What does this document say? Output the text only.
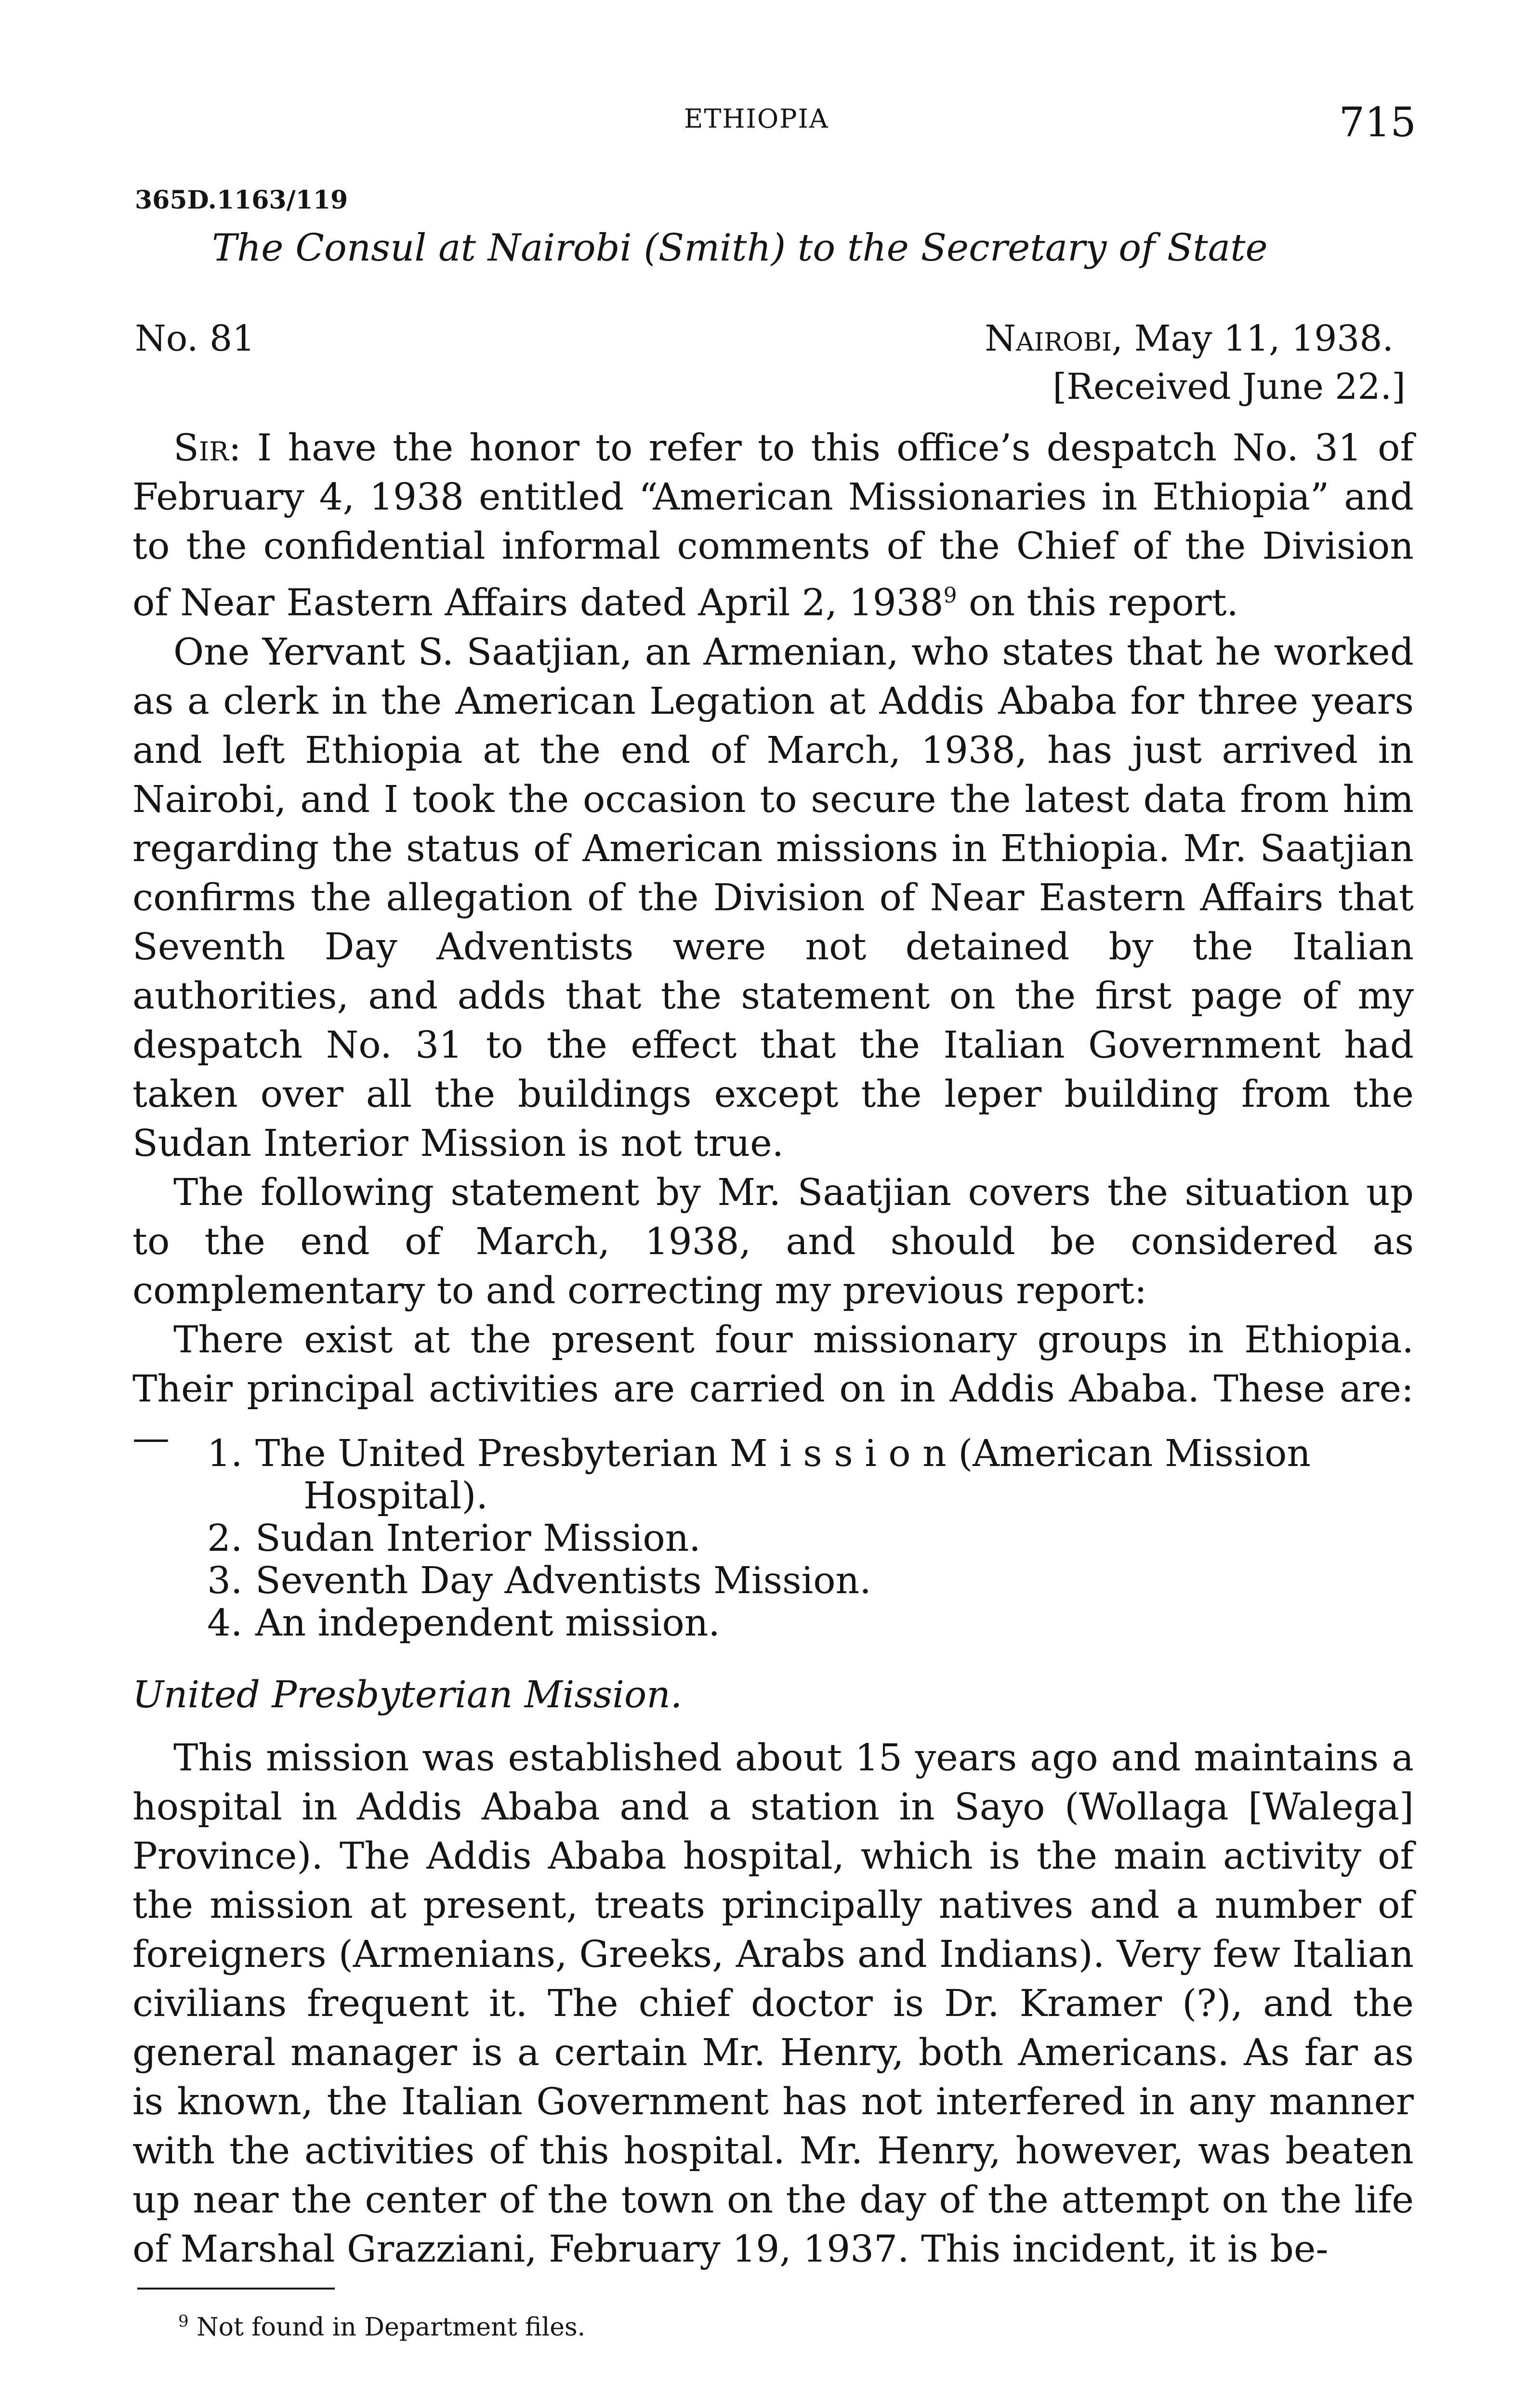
ETHIOPIA	715
365D.1163/119
The Consul at Nairobi (Smith) to the Secretary of State
No. 81	Nairobi, May 11, 1938.
[Received June 22.]

Sir: I have the honor to refer to this office’s despatch No. 31 of February 4, 1938 entitled “American Missionaries in Ethiopia” and to the confidential informal comments of the Chief of the Division of Near Eastern Affairs dated April 2, 1938$^9$ on this report.

One Yervant S. Saatjian, an Armenian, who states that he worked as a clerk in the American Legation at Addis Ababa for three years and left Ethiopia at the end of March, 1938, has just arrived in Nairobi, and I took the occasion to secure the latest data from him regarding the status of American missions in Ethiopia. Mr. Saatjian confirms the allegation of the Division of Near Eastern Affairs that Seventh Day Adventists were not detained by the Italian authorities, and adds that the statement on the first page of my despatch No. 31 to the effect that the Italian Government had taken over all the buildings except the leper building from the Sudan Interior Mission is not true.

The following statement by Mr. Saatjian covers the situation up to the end of March, 1938, and should be considered as complementary to and correcting my previous report:

There exist at the present four missionary groups in Ethiopia. Their principal activities are carried on in Addis Ababa. These are:—	1. The United Presbyterian M i s s i o n (American Mission
Hospital).
2. Sudan Interior Mission.
3. Seventh Day Adventists Mission.
4. An independent mission.
United Presbyterian Mission.

This mission was established about 15 years ago and maintains a hospital in Addis Ababa and a station in Sayo (Wollaga [Walega] Province). The Addis Ababa hospital, which is the main activity of the mission at present, treats principally natives and a number of foreigners (Armenians, Greeks, Arabs and Indians). Very few Italian civilians frequent it. The chief doctor is Dr. Kramer (?), and the general manager is a certain Mr. Henry, both Americans. As far as is known, the Italian Government has not interfered in any manner with the activities of this hospital. Mr. Henry, however, was beaten up near the center of the town on the day of the attempt on the life of Marshal Grazziani, February 19, 1937. This incident, it is be-

$^9$ Not found in Department files.
